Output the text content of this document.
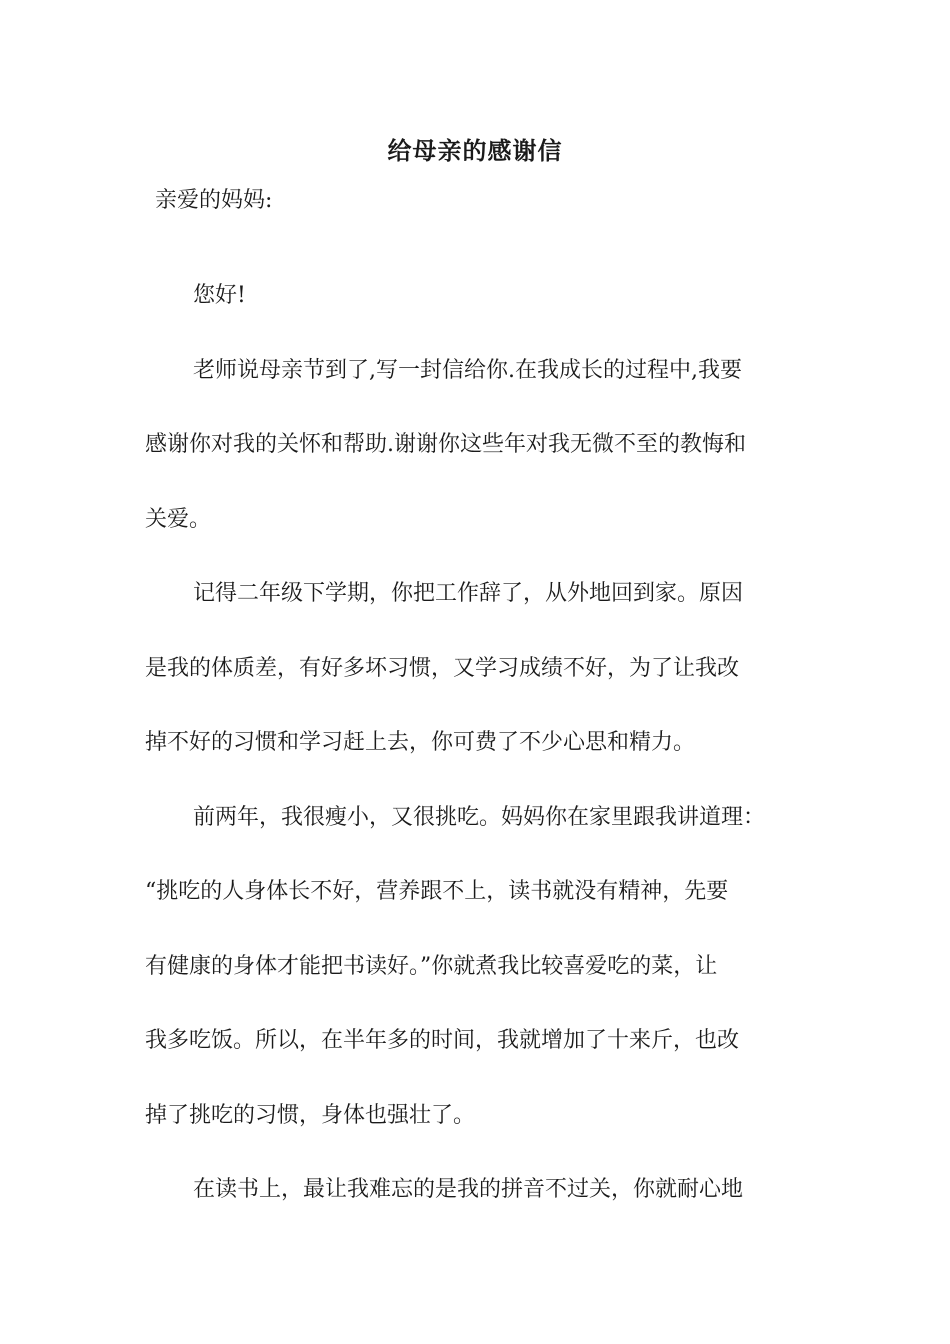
给母亲的感谢信
亲爱的妈妈:
您好!
老师说母亲节到了,写一封信给你.在我成长的过程中,我要
感谢你对我的关怀和帮助.谢谢你这些年对我无微不至的教悔和
关爱。
记得二年级下学期，你把工作辞了，从外地回到家。原因
是我的体质差，有好多坏习惯，又学习成绩不好，为了让我改
掉不好的习惯和学习赶上去，你可费了不少心思和精力。
前两年，我很瘦小，又很挑吃。妈妈你在家里跟我讲道理：
“挑吃的人身体长不好，营养跟不上，读书就没有精神，先要
有健康的身体才能把书读好。”你就煮我比较喜爱吃的菜，让
我多吃饭。所以，在半年多的时间，我就增加了十来斤，也改
掉了挑吃的习惯，身体也强壮了。
在读书上，最让我难忘的是我的拼音不过关，你就耐心地
